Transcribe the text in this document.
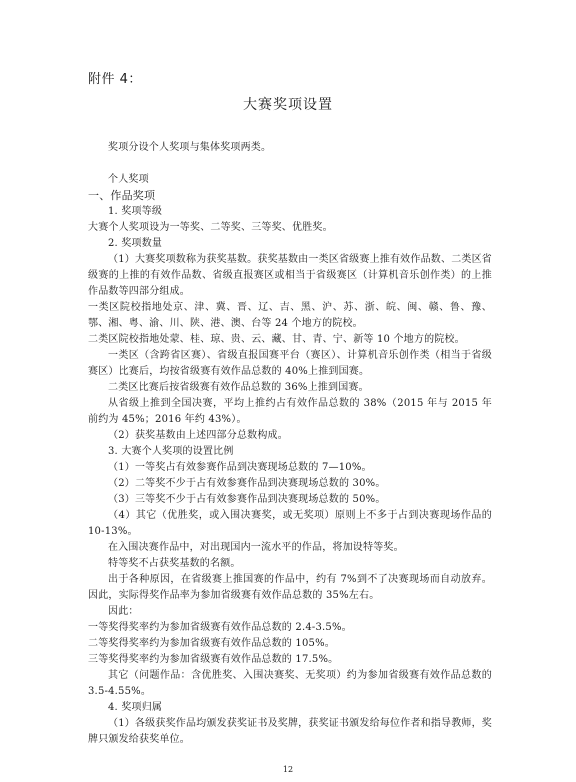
附件 4：
大赛奖项设置

奖项分设个人奖项与集体奖项两类。

个人奖项

一、作品奖项

1. 奖项等级

大赛个人奖项设为一等奖、二等奖、三等奖、优胜奖。

2. 奖项数量

（1）大赛奖项数称为获奖基数。获奖基数由一类区省级赛上推有效作品数、二类区省级赛的上推的有效作品数、省级直报赛区或相当于省级赛区（计算机音乐创作类）的上推作品数等四部分组成。

一类区院校指地处京、津、冀、晋、辽、吉、黑、沪、苏、浙、皖、闽、赣、鲁、豫、鄂、湘、粤、渝、川、陕、港、澳、台等 24 个地方的院校。

二类区院校指地处蒙、桂、琼、贵、云、藏、甘、青、宁、新等 10 个地方的院校。

一类区（含跨省区赛）、省级直报国赛平台（赛区）、计算机音乐创作类（相当于省级赛区）比赛后，均按省级赛有效作品总数的 40%上推到国赛。

二类区比赛后按省级赛有效作品总数的 36%上推到国赛。

从省级上推到全国决赛，平均上推约占有效作品总数的 38%（2015 年与 2015 年前约为 45%；2016 年约 43%）。

（2）获奖基数由上述四部分总数构成。

3. 大赛个人奖项的设置比例

（1）一等奖占有效参赛作品到决赛现场总数的 7—10%。

（2）二等奖不少于占有效参赛作品到决赛现场总数的 30%。

（3）三等奖不少于占有效参赛作品到决赛现场总数的 50%。

（4）其它（优胜奖，或入围决赛奖，或无奖项）原则上不多于占到决赛现场作品的 10-13%。

在入围决赛作品中，对出现国内一流水平的作品，将加设特等奖。

特等奖不占获奖基数的名额。

出于各种原因，在省级赛上推国赛的作品中，约有 7%到不了决赛现场而自动放弃。因此，实际得奖作品率为参加省级赛有效作品总数的 35%左右。

因此：

一等奖得奖率约为参加省级赛有效作品总数的 2.4-3.5%。

二等奖得奖率约为参加省级赛有效作品总数的 105%。

三等奖得奖率约为参加省级赛有效作品总数的 17.5%。

其它（问题作品：含优胜奖、入围决赛奖、无奖项）约为参加省级赛有效作品总数的 3.5-4.55%。

4. 奖项归属

（1）各级获奖作品均颁发获奖证书及奖牌，获奖证书颁发给每位作者和指导教师，奖牌只颁发给获奖单位。

12
